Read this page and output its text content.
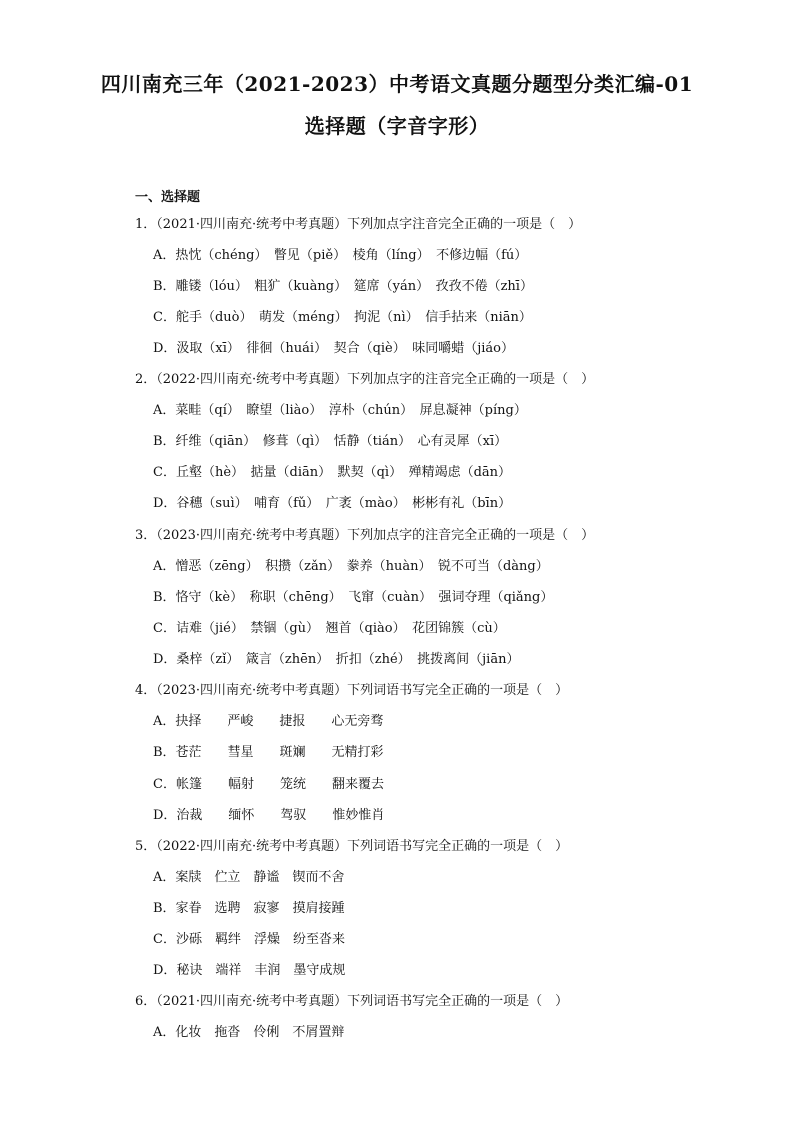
四川南充三年（2021-2023）中考语文真题分题型分类汇编-01
选择题（字音字形）
一、选择题
1．（2021·四川南充·统考中考真题）下列加点字注音完全正确的一项是（　）
A．热忱（chéng）　瞥见（piě）　棱角（líng）　不修边幅（fú）
B．雕镂（lóu）　粗犷（kuàng）　筵席（yán）　孜孜不倦（zhī）
C．舵手（duò）　萌发（méng）　拘泥（nì）　信手拈来（niān）
D．汲取（xī）　徘徊（huái）　契合（qiè）　味同嚼蜡（jiáo）
2．（2022·四川南充·统考中考真题）下列加点字的注音完全正确的一项是（　）
A．菜畦（qí）　瞭望（liào）　淳朴（chún）　屏息凝神（píng）
B．纤维（qiān）　修葺（qì）　恬静（tián）　心有灵犀（xī）
C．丘壑（hè）　掂量（diān）　默契（qì）　殚精竭虑（dān）
D．谷穗（suì）　哺育（fǔ）　广袤（mào）　彬彬有礼（bīn）
3．（2023·四川南充·统考中考真题）下列加点字的注音完全正确的一项是（　）
A．憎恶（zēng）　积攒（zǎn）　豢养（huàn）　锐不可当（dàng）
B．恪守（kè）　称职（chēng）　飞窜（cuàn）　强词夺理（qiǎng）
C．诘难（jié）　禁锢（gù）　翘首（qiào）　花团锦簇（cù）
D．桑梓（zǐ）　箴言（zhēn）　折扣（zhé）　挑拨离间（jiān）
4．（2023·四川南充·统考中考真题）下列词语书写完全正确的一项是（　）
A．抉择　　严峻　　捷报　　心无旁骛
B．苍茫　　彗星　　斑斓　　无精打彩
C．帐篷　　幅射　　笼统　　翻来覆去
D．治裁　　缅怀　　驾驭　　惟妙惟肖
5．（2022·四川南充·统考中考真题）下列词语书写完全正确的一项是（　）
A．案牍　伫立　静谧　锲而不舍
B．家眷　选聘　寂寥　摸肩接踵
C．沙砾　羁绊　浮燥　纷至沓来
D．秘诀　端祥　丰润　墨守成规
6．（2021·四川南充·统考中考真题）下列词语书写完全正确的一项是（　）
A．化妆　拖沓　伶俐　不屑置辩
